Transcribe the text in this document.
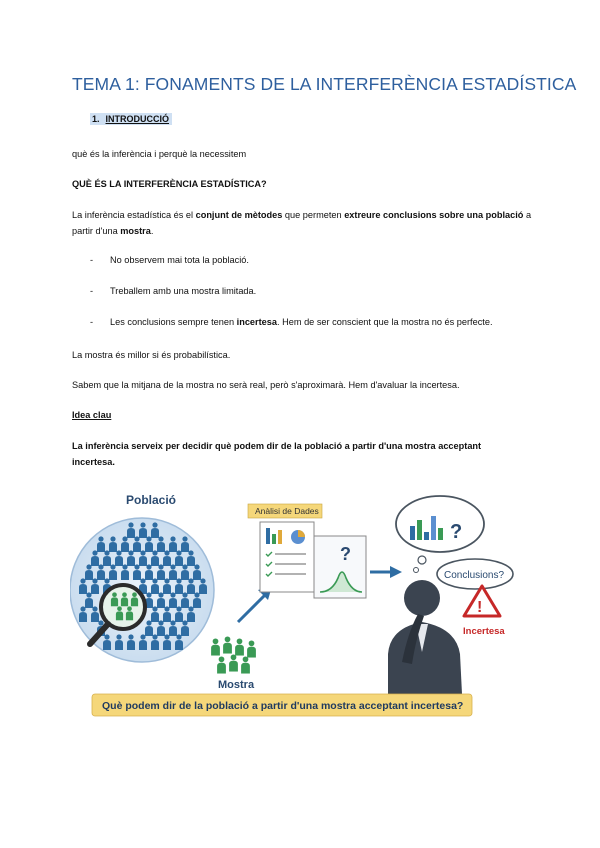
TEMA 1: FONAMENTS DE LA INTERFERÈNCIA ESTADÍSTICA
1. INTRODUCCIÓ
què és la inferència i perquè la necessitem
QUÈ ÉS LA INTERFERÈNCIA ESTADÍSTICA?
La inferència estadística és el conjunt de mètodes que permeten extreure conclusions sobre una població a partir d'una mostra.
- No observem mai tota la població.
- Treballem amb una mostra limitada.
- Les conclusions sempre tenen incertesa. Hem de ser conscient que la mostra no és perfecte.
La mostra és millor si és probabilística.
Sabem que la mitjana de la mostra no serà real, però s'aproximarà. Hem d'avaluar la incertesa.
Idea clau
La inferència serveix per decidir què podem dir de la població a partir d'una mostra acceptant incertesa.
Població
Mostra
Anàlisi de Dades
?
?
Conclusions?
!
Incertesa
Què podem dir de la població a partir d'una mostra acceptant incertesa?
